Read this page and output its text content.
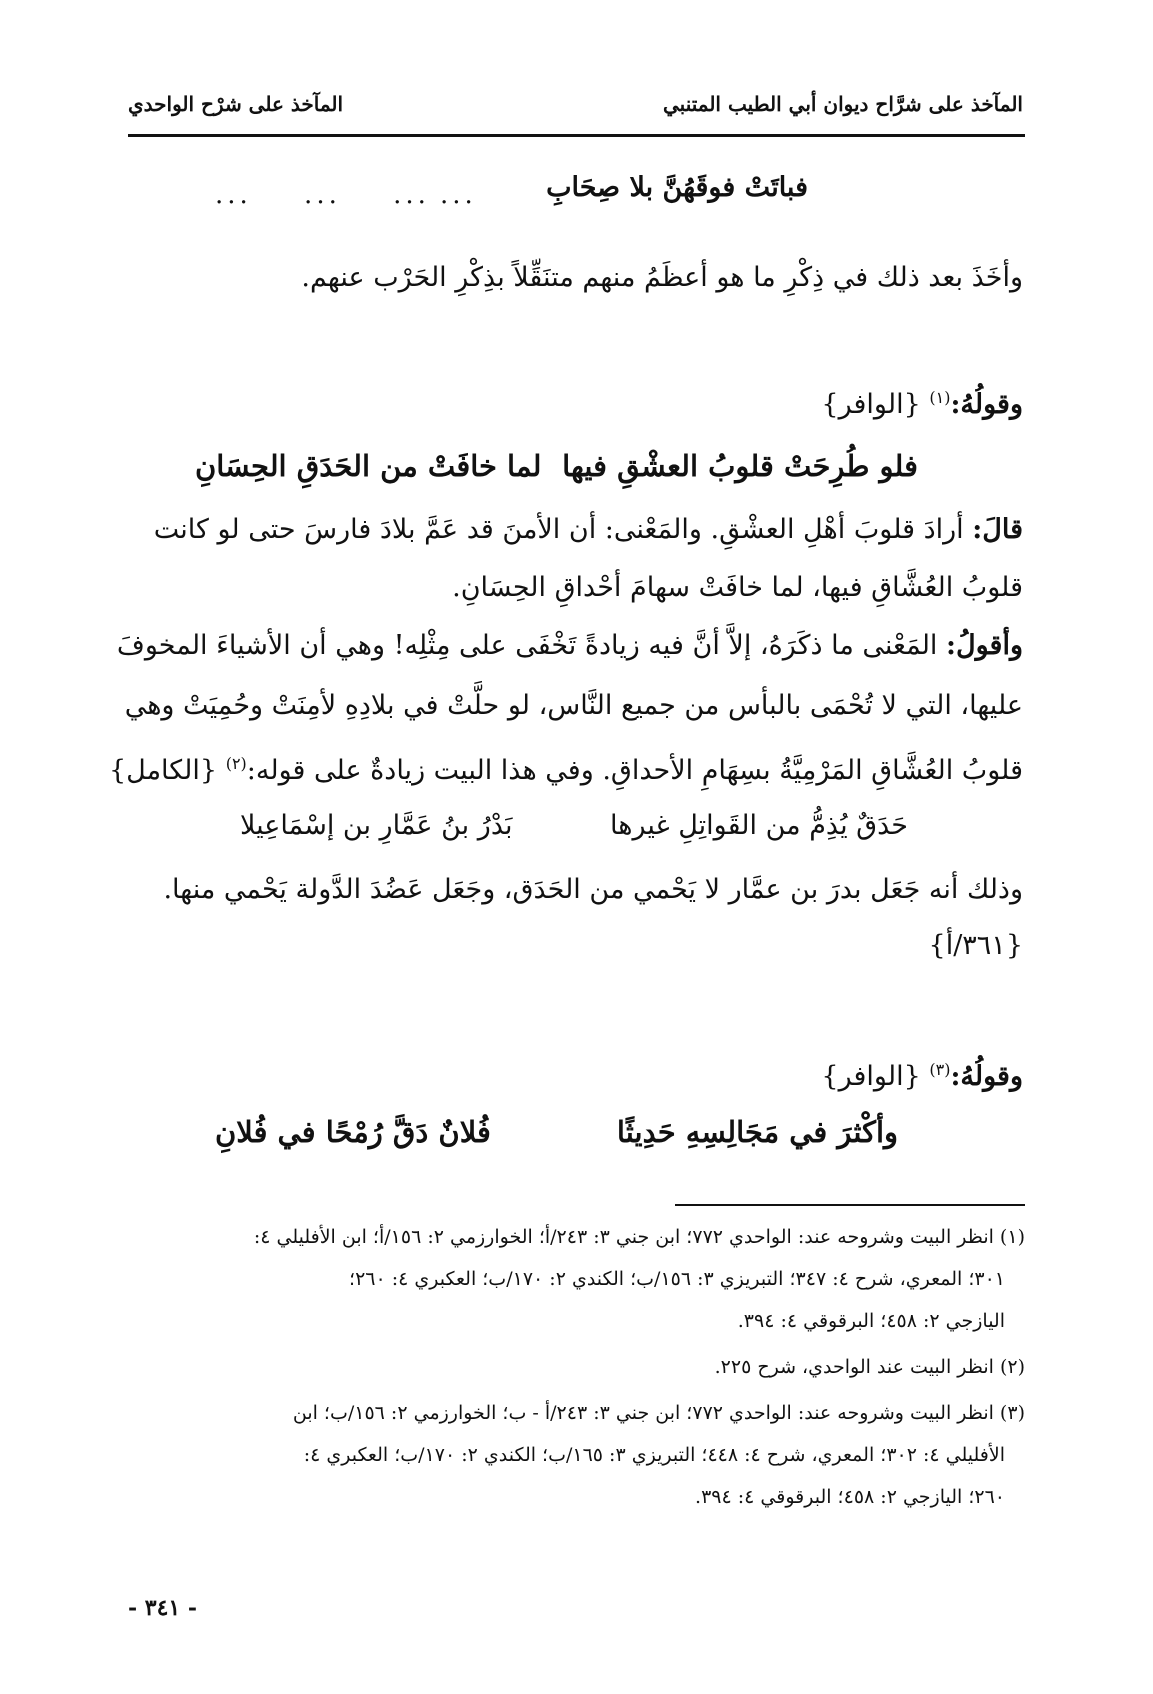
المآخذ على شرَّاح ديوان أبي الطيب المتنبي
المآخذ على شرْح الواحدي
فباتَتْ فوقَهُنَّ بلا صِحَابِ
...
... ... ...
وأخَذَ بعد ذلك في ذِكْرِ ما هو أعظَمُ منهم متنَقِّلاً بذِكْرِ الحَرْب عنهم.
وقولُهُ:$^{(١)}$ {الوافر}
فلو طُرِحَتْ قلوبُ العشْقِ فيها
لما خافَتْ من الحَدَقِ الحِسَانِ
قالَ: أرادَ قلوبَ أهْلِ العشْقِ. والمَعْنى: أن الأمنَ قد عَمَّ بلادَ فارسَ حتى لو كانت
قلوبُ العُشَّاقِ فيها، لما خافَتْ سهامَ أحْداقِ الحِسَانِ.
وأقولُ: المَعْنى ما ذكَرَهُ، إلاَّ أنَّ فيه زيادةً تَخْفَى على مِثْلِه! وهي أن الأشياءَ المخوفَ
عليها، التي لا تُحْمَى بالبأس من جميع النَّاس، لو حلَّتْ في بلادِهِ لأمِنَتْ وحُمِيَتْ وهي
قلوبُ العُشَّاقِ المَرْمِيَّةُ بسِهَامِ الأحداقِ. وفي هذا البيت زيادةٌ على قوله:$^{(٢)}$ {الكامل}
حَدَقٌ يُذِمُّ من القَواتِلِ غيرها
بَدْرُ بنُ عَمَّارِ بن إسْمَاعِيلا
وذلك أنه جَعَل بدرَ بن عمَّار لا يَحْمي من الحَدَق، وجَعَل عَضُدَ الدَّولة يَحْمي منها.
{٣٦١/أ}
وقولُهُ:$^{(٣)}$ {الوافر}
وأكْثرَ في مَجَالِسِهِ حَدِيثًا
فُلانٌ دَقَّ رُمْحًا في فُلانِ
(١) انظر البيت وشروحه عند: الواحدي ٧٧٢؛ ابن جني ٣: ٢٤٣/أ؛ الخوارزمي ٢: ١٥٦/أ؛ ابن الأفليلي ٤:
٣٠١؛ المعري، شرح ٤: ٣٤٧؛ التبريزي ٣: ١٥٦/ب؛ الكندي ٢: ١٧٠/ب؛ العكبري ٤: ٢٦٠؛
اليازجي ٢: ٤٥٨؛ البرقوقي ٤: ٣٩٤.
(٢) انظر البيت عند الواحدي، شرح ٢٢٥.
(٣) انظر البيت وشروحه عند: الواحدي ٧٧٢؛ ابن جني ٣: ٢٤٣/أ - ب؛ الخوارزمي ٢: ١٥٦/ب؛ ابن
الأفليلي ٤: ٣٠٢؛ المعري، شرح ٤: ٤٤٨؛ التبريزي ٣: ١٦٥/ب؛ الكندي ٢: ١٧٠/ب؛ العكبري ٤:
٢٦٠؛ اليازجي ٢: ٤٥٨؛ البرقوقي ٤: ٣٩٤.
- ٣٤١ -
